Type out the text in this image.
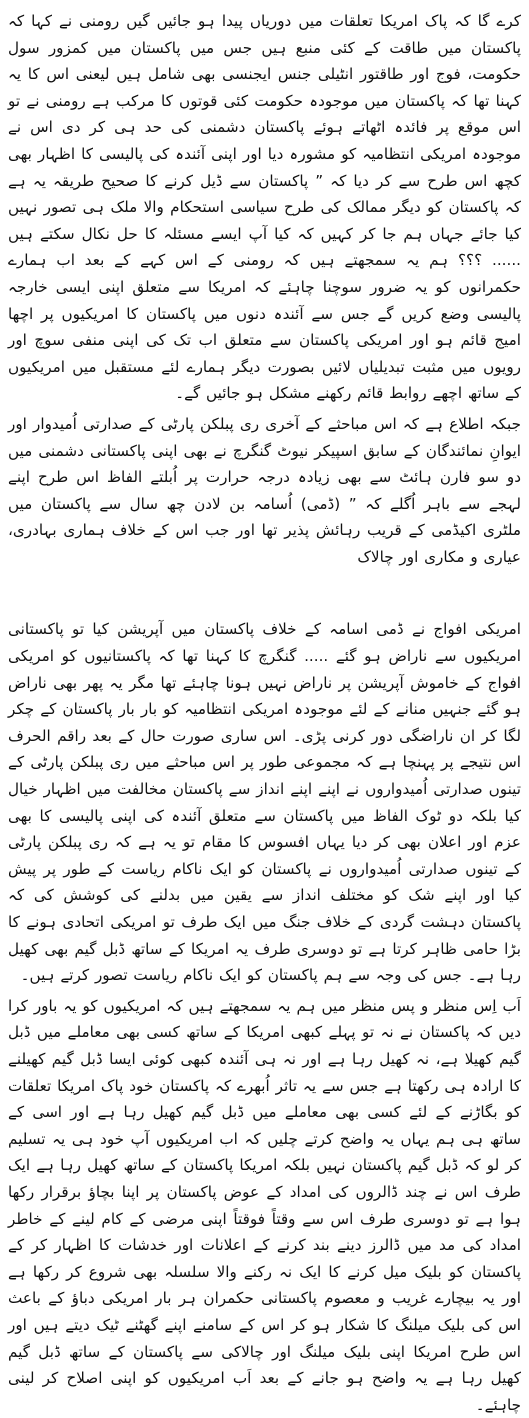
کرے گا کہ پاک امریکا تعلقات میں دوریاں پیدا ہو جائیں گیں رومنی نے کہا کہ پاکستان میں طاقت کے کئی منبع ہیں جس میں پاکستان میں کمزور سول حکومت، فوج اور طاقتور انٹیلی جنس ایجنسی بھی شامل ہیں لیعنی اس کا یہ کہنا تھا کہ پاکستان میں موجودہ حکومت کئی قوتوں کا مرکب ہے رومنی نے تو اس موقع پر فائدہ اٹھاتے ہوئے پاکستان دشمنی کی حد ہی کر دی اس نے موجودہ امریکی انتظامیہ کو مشورہ دیا اور اپنی آئندہ کی پالیسی کا اظہار بھی کچھ اس طرح سے کر دیا کہ ” پاکستان سے ڈیل کرنے کا صحیح طریقہ یہ ہے کہ پاکستان کو دیگر ممالک کی طرح سیاسی استحکام والا ملک ہی تصور نہیں کیا جائے جہاں ہم جا کر کہیں کہ کیا آپ ایسے مسئلہ کا حل نکال سکتے ہیں ...... ؟؟؟ ہم یہ سمجھتے ہیں کہ رومنی کے اس کہے کے بعد اب ہمارے حکمرانوں کو یہ ضرور سوچنا چاہئے کہ امریکا سے متعلق اپنی ایسی خارجہ پالیسی وضع کریں گے جس سے آئندہ دنوں میں پاکستان کا امریکیوں پر اچھا امیج قائم ہو اور امریکی پاکستان سے متعلق اب تک کی اپنی منفی سوچ اور رویوں میں مثبت تبدیلیاں لائیں بصورت دیگر ہمارے لئے مستقبل میں امریکیوں کے ساتھ اچھے روابط قائم رکھنے مشکل ہو جائیں گے۔

جبکہ اطلاع ہے کہ اس مباحثے کے آخری ری پبلکن پارٹی کے صدارتی اُمیدوار اور ایوانِ نمائندگان کے سابق اسپیکر نیوٹ گنگرچ نے بھی اپنی پاکستانی دشمنی میں دو سو فارن ہائٹ سے بھی زیادہ درجہ حرارت پر اُبلتے الفاظ اس طرح اپنے لہجے سے باہر اُگلے کہ ” (ڈمی) اُسامہ بن لادن چھ سال سے پاکستان میں ملٹری اکیڈمی کے قریب رہائش پذیر تھا اور جب اس کے خلاف ہماری بہادری، عیاری و مکاری اور چالاک

امریکی افواج نے ڈمی اسامہ کے خلاف پاکستان میں آپریشن کیا تو پاکستانی امریکیوں سے ناراض ہو گئے ..... گنگرچ کا کہنا تھا کہ پاکستانیوں کو امریکی افواج کے خاموش آپریشن پر ناراض نہیں ہونا چاہئے تھا مگر یہ پھر بھی ناراض ہو گئے جنہیں منانے کے لئے موجودہ امریکی انتظامیہ کو بار بار پاکستان کے چکر لگا کر ان ناراضگی دور کرنی پڑی۔ اس ساری صورت حال کے بعد راقم الحرف اس نتیجے پر پہنچا ہے کہ مجموعی طور پر اس مباحثے میں ری پبلکن پارٹی کے تینوں صدارتی اُمیدواروں نے اپنے اپنے انداز سے پاکستان مخالفت میں اظہار خیال کیا بلکہ دو ٹوک الفاظ میں پاکستان سے متعلق آئندہ کی اپنی پالیسی کا بھی عزم اور اعلان بھی کر دیا یہاں افسوس کا مقام تو یہ ہے کہ ری پبلکن پارٹی کے تینوں صدارتی اُمیدواروں نے پاکستان کو ایک ناکام ریاست کے طور پر پیش کیا اور اپنے شک کو مختلف انداز سے یقین میں بدلنے کی کوشش کی کہ پاکستان دہشت گردی کے خلاف جنگ میں ایک طرف تو امریکی اتحادی ہونے کا بڑا حامی ظاہر کرتا ہے تو دوسری طرف یہ امریکا کے ساتھ ڈبل گیم بھی کھیل رہا ہے۔ جس کی وجہ سے ہم پاکستان کو ایک ناکام ریاست تصور کرتے ہیں۔

اَب اِس منظر و پس منظر میں ہم یہ سمجھتے ہیں کہ امریکیوں کو یہ باور کرا دیں کہ پاکستان نے نہ تو پہلے کبھی امریکا کے ساتھ کسی بھی معاملے میں ڈبل گیم کھیلا ہے، نہ کھیل رہا ہے اور نہ ہی آئندہ کبھی کوئی ایسا ڈبل گیم کھیلنے کا ارادہ ہی رکھتا ہے جس سے یہ تاثر اُبھرے کہ پاکستان خود پاک امریکا تعلقات کو بگاڑنے کے لئے کسی بھی معاملے میں ڈبل گیم کھیل رہا ہے اور اسی کے ساتھ ہی ہم یہاں یہ واضح کرتے چلیں کہ اب امریکیوں آپ خود ہی یہ تسلیم کر لو کہ ڈبل گیم پاکستان نہیں بلکہ امریکا پاکستان کے ساتھ کھیل رہا ہے ایک طرف اس نے چند ڈالروں کی امداد کے عوض پاکستان پر اپنا بچاؤ برقرار رکھا ہوا ہے تو دوسری طرف اس سے وقتاً فوقتاً اپنی مرضی کے کام لینے کے خاطر امداد کی مد میں ڈالرز دینے بند کرنے کے اعلانات اور خدشات کا اظہار کر کے پاکستان کو بلیک میل کرنے کا ایک نہ رکنے والا سلسلہ بھی شروع کر رکھا ہے اور یہ بیچارے غریب و معصوم پاکستانی حکمران ہر بار امریکی دباؤ کے باعث اس کی بلیک میلنگ کا شکار ہو کر اس کے سامنے اپنے گھٹنے ٹیک دیتے ہیں اور اس طرح امریکا اپنی بلیک میلنگ اور چالاکی سے پاکستان کے ساتھ ڈبل گیم کھیل رہا ہے یہ واضح ہو جانے کے بعد اَب امریکیوں کو اپنی اصلاح کر لینی چاہئے۔
